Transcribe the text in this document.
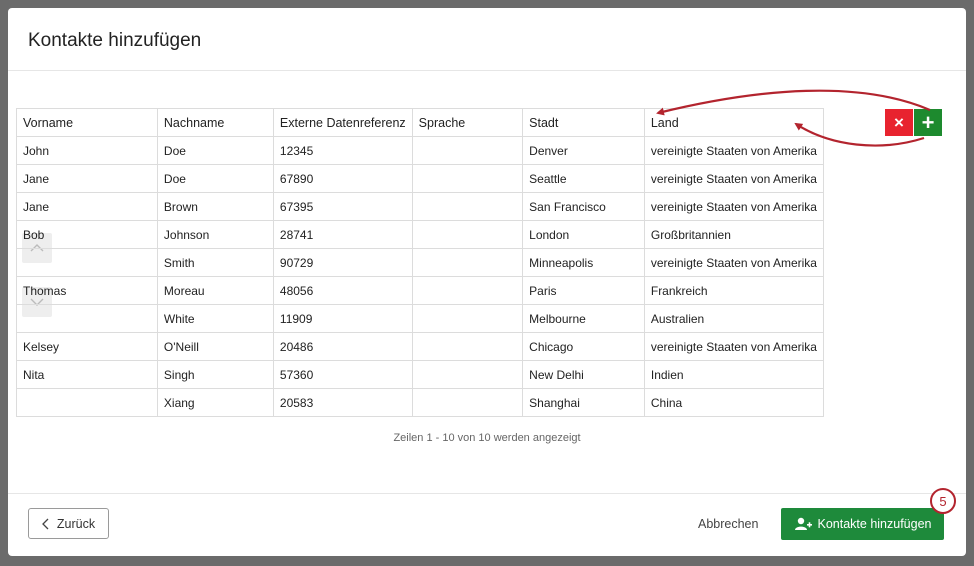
Kontakte hinzufügen
Vorname	Nachname	Externe Datenreferenz	Sprache	Stadt	Land
John	Doe	12345		Denver	vereinigte Staaten von Amerika
Jane	Doe	67890		Seattle	vereinigte Staaten von Amerika
Jane	Brown	67395		San Francisco	vereinigte Staaten von Amerika
Bob	Johnson	28741		London	Großbritannien
	Smith	90729		Minneapolis	vereinigte Staaten von Amerika
Thomas	Moreau	48056		Paris	Frankreich
	White	11909		Melbourne	Australien
Kelsey	O'Neill	20486		Chicago	vereinigte Staaten von Amerika
Nita	Singh	57360		New Delhi	Indien
	Xiang	20583		Shanghai	China
Zeilen 1 - 10 von 10 werden angezeigt
× +
Zurück	Abbrechen	Kontakte hinzufügen
5
